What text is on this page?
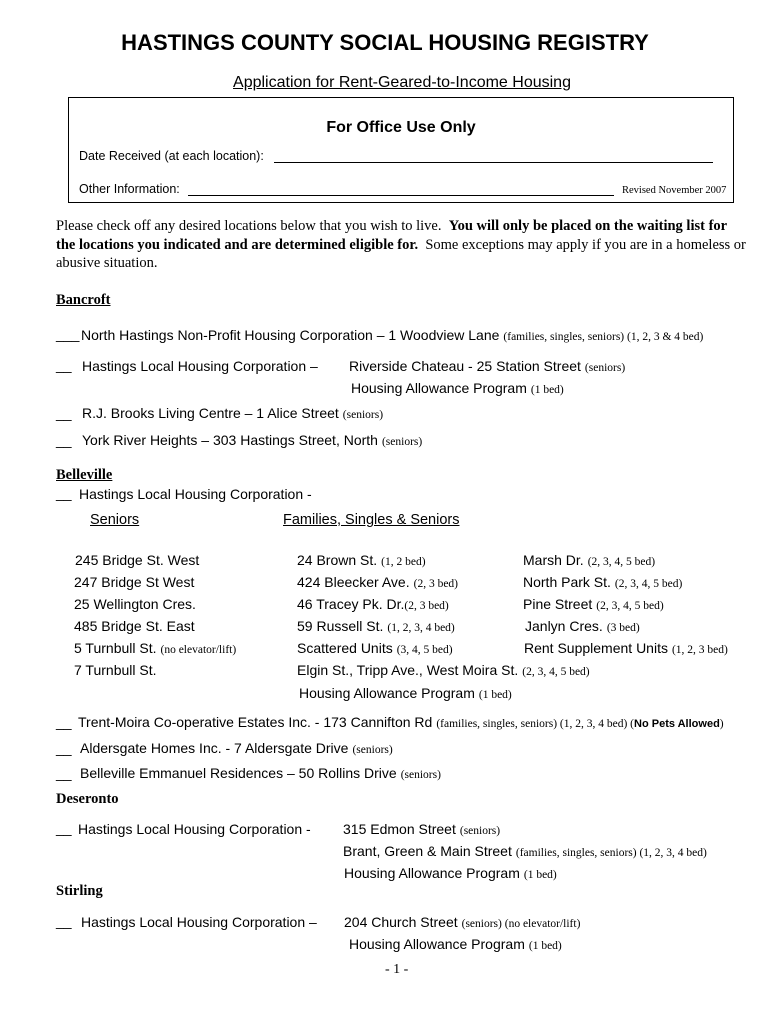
HASTINGS COUNTY SOCIAL HOUSING REGISTRY
Application for Rent-Geared-to-Income Housing
For Office Use Only
Date Received (at each location):
Other Information:	Revised November 2007
Please check off any desired locations below that you wish to live. You will only be placed on the waiting list for the locations you indicated and are determined eligible for. Some exceptions may apply if you are in a homeless or abusive situation.
Bancroft
___ North Hastings Non-Profit Housing Corporation – 1 Woodview Lane (families, singles, seniors) (1, 2, 3 & 4 bed)
__ Hastings Local Housing Corporation – Riverside Chateau - 25 Station Street (seniors)
Housing Allowance Program (1 bed)
__ R.J. Brooks Living Centre – 1 Alice Street (seniors)
__ York River Heights – 303 Hastings Street, North (seniors)
Belleville
__ Hastings Local Housing Corporation -
Seniors	Families, Singles & Seniors
245 Bridge St. West
247 Bridge St West
25 Wellington Cres.
485 Bridge St. East
5 Turnbull St. (no elevator/lift)
7 Turnbull St.
24 Brown St. (1, 2 bed)
424 Bleecker Ave. (2, 3 bed)
46 Tracey Pk. Dr.(2, 3 bed)
59 Russell St. (1, 2, 3, 4 bed)
Scattered Units (3, 4, 5 bed)
Marsh Dr. (2, 3, 4, 5 bed)
North Park St. (2, 3, 4, 5 bed)
Pine Street (2, 3, 4, 5 bed)
Janlyn Cres. (3 bed)
Rent Supplement Units (1, 2, 3 bed)
Elgin St., Tripp Ave., West Moira St. (2, 3, 4, 5 bed)
Housing Allowance Program (1 bed)
__ Trent-Moira Co-operative Estates Inc. - 173 Cannifton Rd (families, singles, seniors) (1, 2, 3, 4 bed) (No Pets Allowed)
__ Aldersgate Homes Inc. - 7 Aldersgate Drive (seniors)
__ Belleville Emmanuel Residences – 50 Rollins Drive (seniors)
Deseronto
__ Hastings Local Housing Corporation - 315 Edmon Street (seniors)
Brant, Green & Main Street (families, singles, seniors) (1, 2, 3, 4 bed)
Housing Allowance Program (1 bed)
Stirling
__ Hastings Local Housing Corporation – 204 Church Street (seniors) (no elevator/lift)
Housing Allowance Program (1 bed)
- 1 -
